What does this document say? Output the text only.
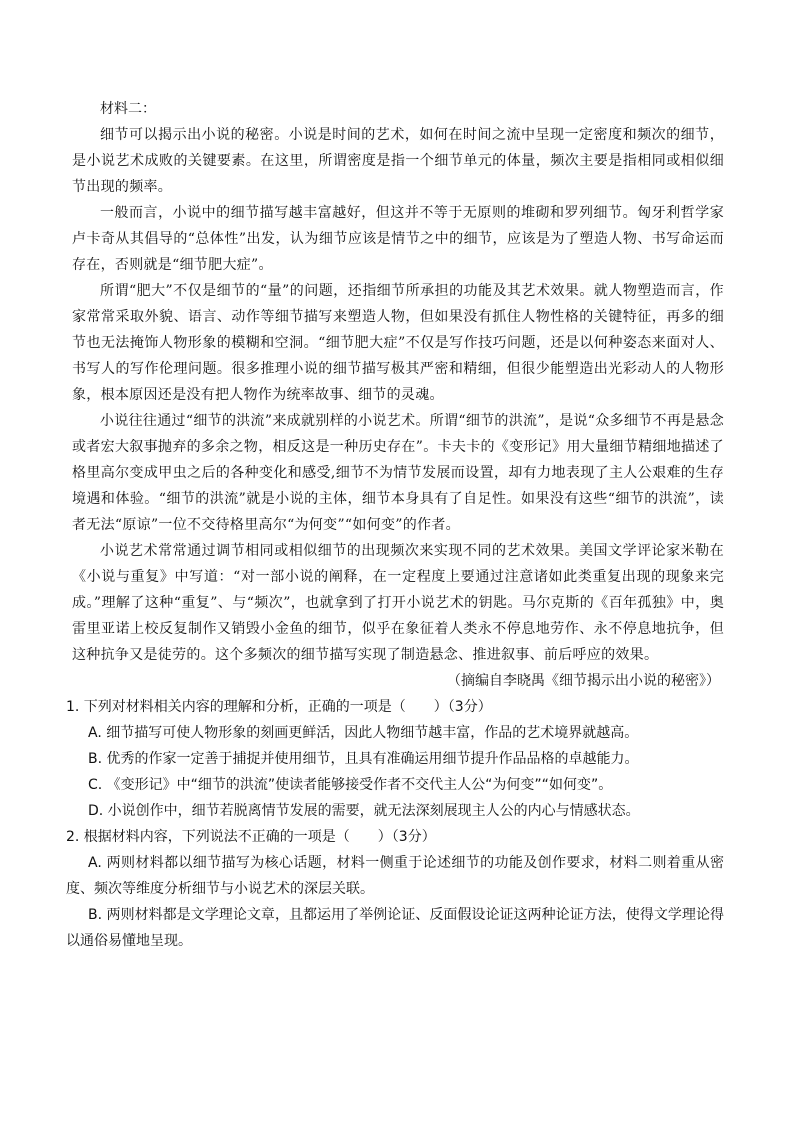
材料二：

细节可以揭示出小说的秘密。小说是时间的艺术，如何在时间之流中呈现一定密度和频次的细节，是小说艺术成败的关键要素。在这里，所谓密度是指一个细节单元的体量，频次主要是指相同或相似细节出现的频率。

一般而言，小说中的细节描写越丰富越好，但这并不等于无原则的堆砌和罗列细节。匈牙利哲学家卢卡奇从其倡导的“总体性”出发，认为细节应该是情节之中的细节，应该是为了塑造人物、书写命运而存在，否则就是“细节肥大症”。

所谓“肥大”不仅是细节的“量”的问题，还指细节所承担的功能及其艺术效果。就人物塑造而言，作家常常采取外貌、语言、动作等细节描写来塑造人物，但如果没有抓住人物性格的关键特征，再多的细节也无法掩饰人物形象的模糊和空洞。“细节肥大症”不仅是写作技巧问题，还是以何种姿态来面对人、书写人的写作伦理问题。很多推理小说的细节描写极其严密和精细，但很少能塑造出光彩动人的人物形象，根本原因还是没有把人物作为统率故事、细节的灵魂。

小说往往通过“细节的洪流”来成就别样的小说艺术。所谓“细节的洪流”，是说“众多细节不再是悬念或者宏大叙事抛弃的多余之物，相反这是一种历史存在”。卡夫卡的《变形记》用大量细节精细地描述了格里高尔变成甲虫之后的各种变化和感受,细节不为情节发展而设置，却有力地表现了主人公艰难的生存境遇和体验。“细节的洪流”就是小说的主体，细节本身具有了自足性。如果没有这些“细节的洪流”，读者无法“原谅”一位不交待格里高尔“为何变”“如何变”的作者。

小说艺术常常通过调节相同或相似细节的出现频次来实现不同的艺术效果。美国文学评论家米勒在《小说与重复》中写道：“对一部小说的阐释，在一定程度上要通过注意诸如此类重复出现的现象来完成。”理解了这种“重复”、与“频次”，也就拿到了打开小说艺术的钥匙。马尔克斯的《百年孤独》中，奥雷里亚诺上校反复制作又销毁小金鱼的细节，似乎在象征着人类永不停息地劳作、永不停息地抗争，但这种抗争又是徒劳的。这个多频次的细节描写实现了制造悬念、推进叙事、前后呼应的效果。

（摘编自李晓禺《细节揭示出小说的秘密》）

1. 下列对材料相关内容的理解和分析，正确的一项是（　　）（3分）

A. 细节描写可使人物形象的刻画更鲜活，因此人物细节越丰富，作品的艺术境界就越高。

B. 优秀的作家一定善于捕捉并使用细节，且具有准确运用细节提升作品品格的卓越能力。

C. 《变形记》中“细节的洪流”使读者能够接受作者不交代主人公“为何变”“如何变”。

D. 小说创作中，细节若脱离情节发展的需要，就无法深刻展现主人公的内心与情感状态。

2. 根据材料内容，下列说法不正确的一项是（　　）（3分）

A. 两则材料都以细节描写为核心话题，材料一侧重于论述细节的功能及创作要求，材料二则着重从密度、频次等维度分析细节与小说艺术的深层关联。

B. 两则材料都是文学理论文章，且都运用了举例论证、反面假设论证这两种论证方法，使得文学理论得以通俗易懂地呈现。
